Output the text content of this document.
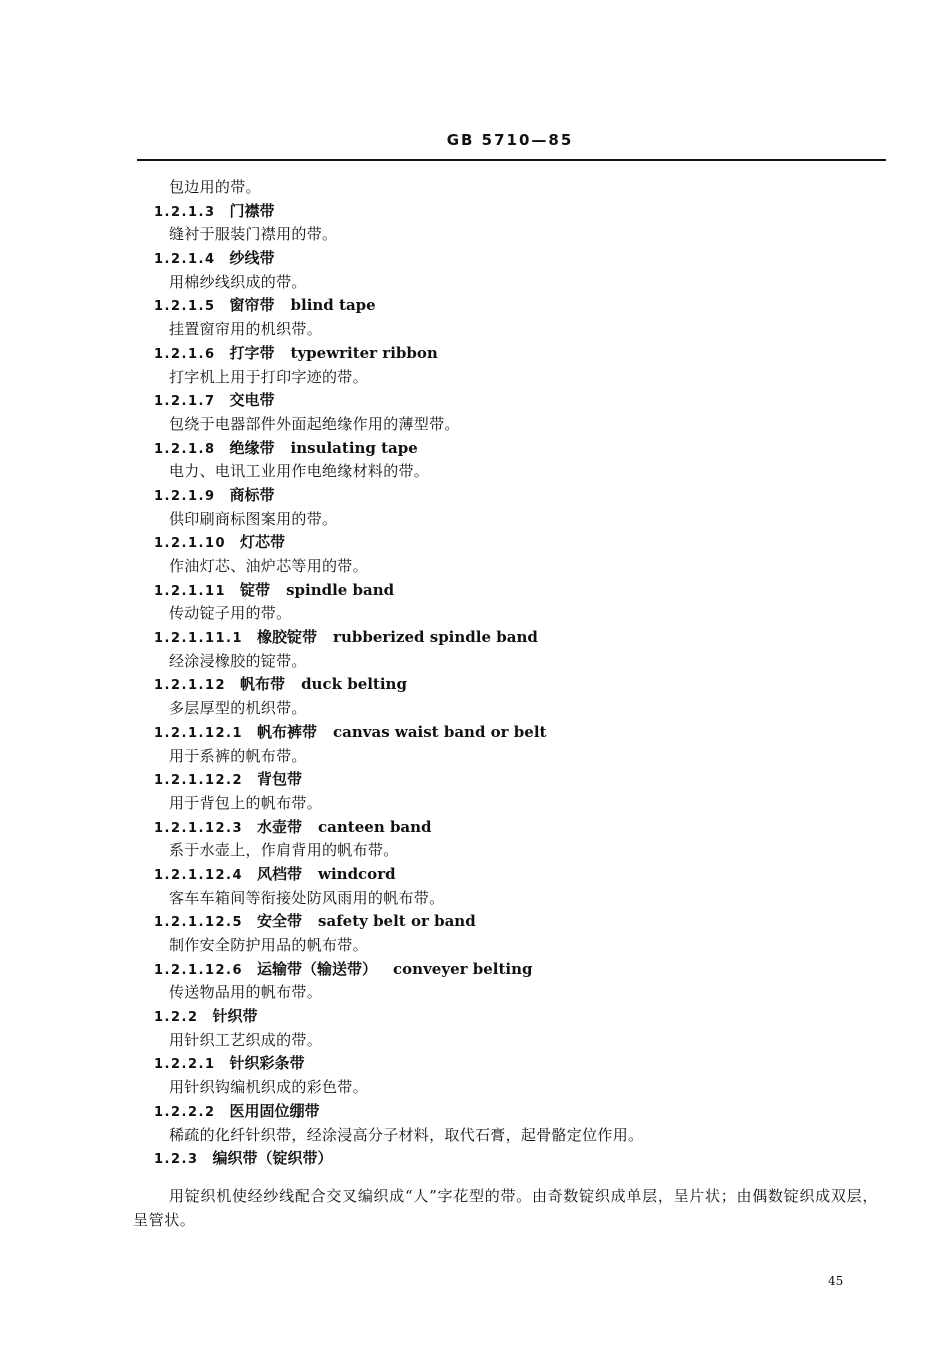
GB 5710—85
包边用的带。
1.2.1.3 门襟带
缝衬于服装门襟用的带。
1.2.1.4 纱线带
用棉纱线织成的带。
1.2.1.5 窗帘带 blind tape
挂置窗帘用的机织带。
1.2.1.6 打字带 typewriter ribbon
打字机上用于打印字迹的带。
1.2.1.7 交电带
包绕于电器部件外面起绝缘作用的薄型带。
1.2.1.8 绝缘带 insulating tape
电力、电讯工业用作电绝缘材料的带。
1.2.1.9 商标带
供印刷商标图案用的带。
1.2.1.10 灯芯带
作油灯芯、油炉芯等用的带。
1.2.1.11 锭带 spindle band
传动锭子用的带。
1.2.1.11.1 橡胶锭带 rubberized spindle band
经涂浸橡胶的锭带。
1.2.1.12 帆布带 duck belting
多层厚型的机织带。
1.2.1.12.1 帆布裤带 canvas waist band or belt
用于系裤的帆布带。
1.2.1.12.2 背包带
用于背包上的帆布带。
1.2.1.12.3 水壶带 canteen band
系于水壶上，作肩背用的帆布带。
1.2.1.12.4 风档带 windcord
客车车箱间等衔接处防风雨用的帆布带。
1.2.1.12.5 安全带 safety belt or band
制作安全防护用品的帆布带。
1.2.1.12.6 运输带（输送带） conveyer belting
传送物品用的帆布带。
1.2.2 针织带
用针织工艺织成的带。
1.2.2.1 针织彩条带
用针织钩编机织成的彩色带。
1.2.2.2 医用固位绷带
稀疏的化纤针织带，经涂浸高分子材料，取代石膏，起骨骼定位作用。
1.2.3 编织带（锭织带）
用锭织机使经纱线配合交叉编织成“人”字花型的带。由奇数锭织成单层，呈片状；由偶数锭织成双层，呈管状。
45
